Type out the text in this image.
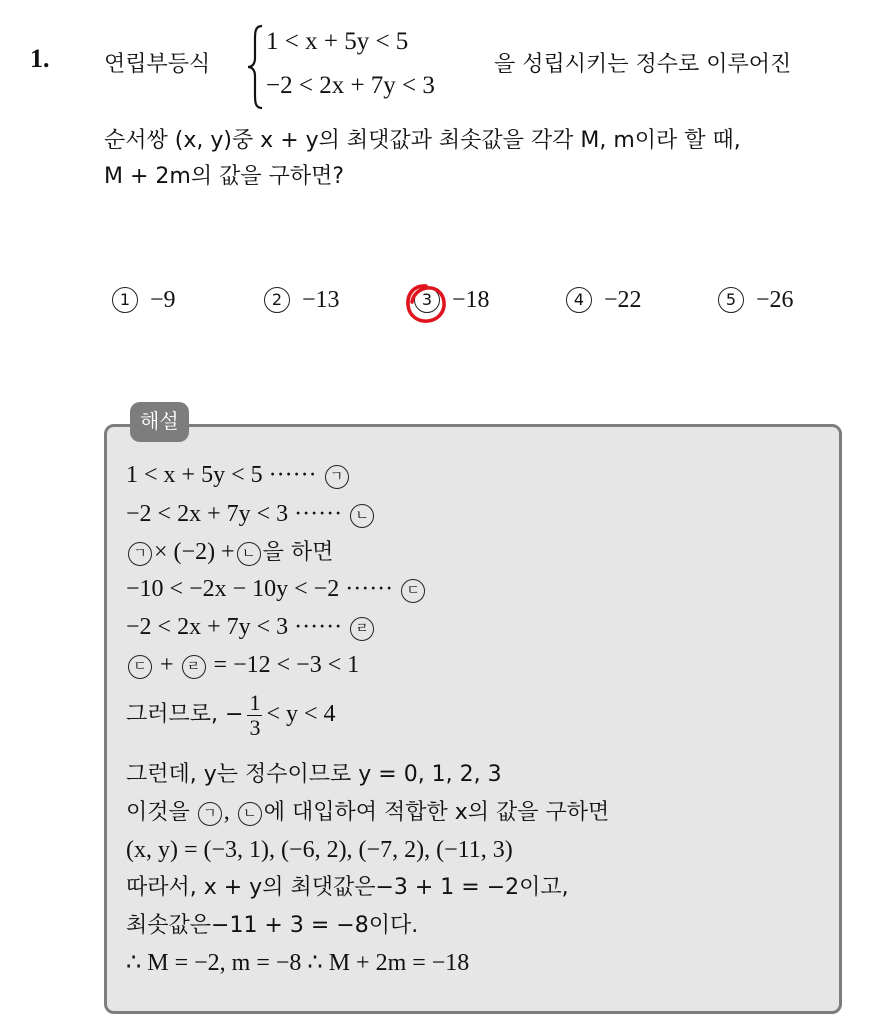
1. 연립부등식
1 < x + 5y < 5
−2 < 2x + 7y < 3
을 성립시키는 정수로 이루어진
순서쌍 (x, y)중 x + y의 최댓값과 최솟값을 각각 M, m이라 할 때,
M + 2m의 값을 구하면?
1 −9	2 −13	3 −18	4 −22	5 −26
해설
1 < x + 5y < 5 ······ ㄱ
−2 < 2x + 7y < 3 ······ ㄴ
ㄱ × (−2) + ㄴ 을 하면
−10 < −2x − 10y < −2 ······ ㄷ
−2 < 2x + 7y < 3 ······ ㄹ
ㄷ + ㄹ = −12 < −3 < 1
그러므로, − $\frac{1}{3} < y < 4$
그런데, y는 정수이므로 y = 0, 1, 2, 3
이것을 ㄱ , ㄴ 에 대입하여 적합한 x의 값을 구하면
(x, y) = (−3, 1), (−6, 2), (−7, 2), (−11, 3)
따라서, x + y의 최댓값은−3 + 1 = −2이고,
최솟값은−11 + 3 = −8이다.
∴ M = −2, m = −8 ∴ M + 2m = −18
